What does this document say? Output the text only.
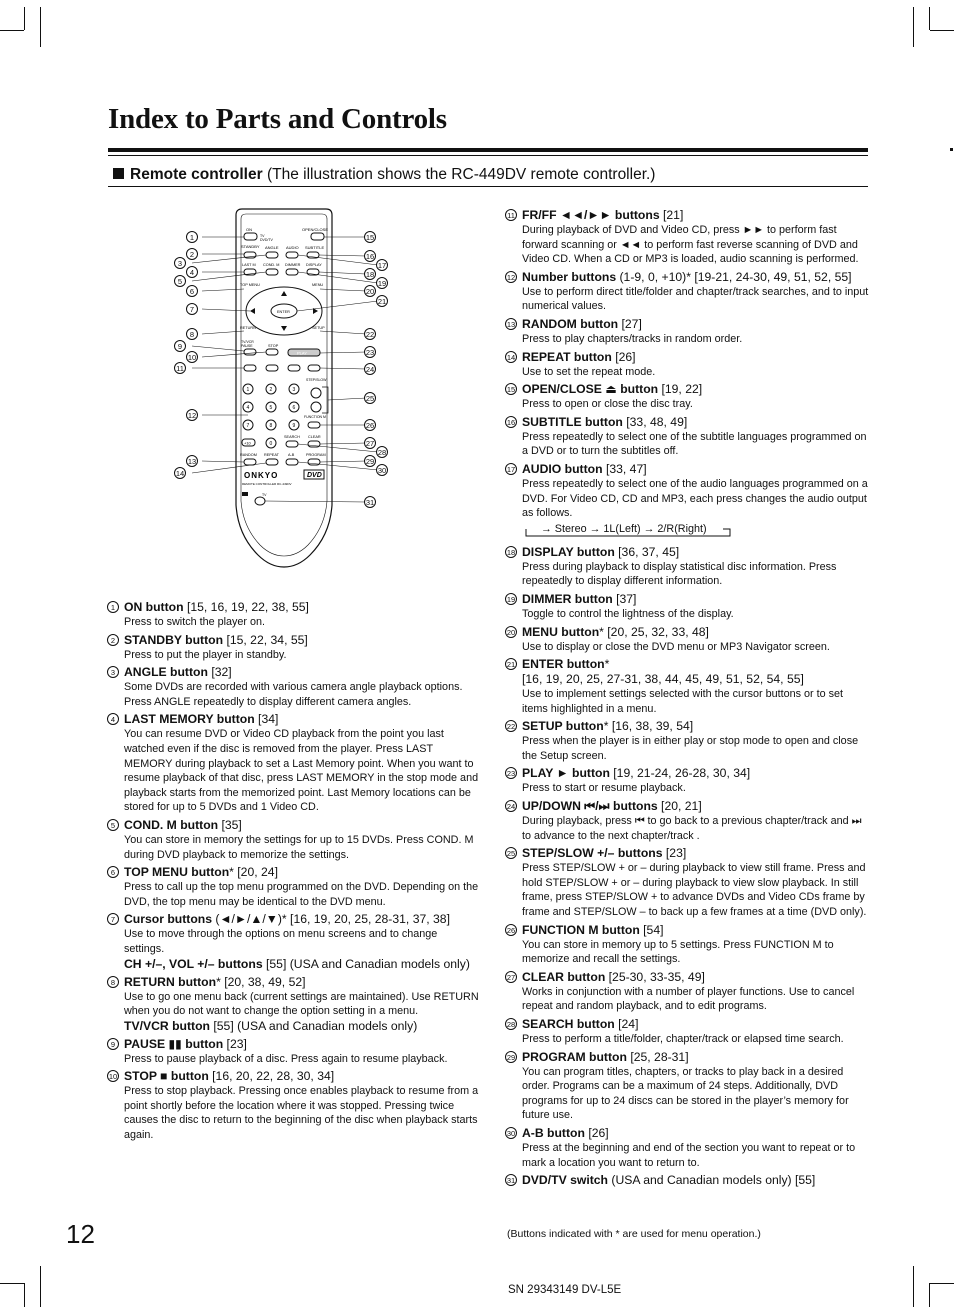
Index to Parts and Controls
Remote controller (The illustration shows the RC-449DV remote controller.)
ON	OPEN/CLOSE
TV
DVD/TV
STANDBY ANGLE AUDIO SUBTITLE
LAST M COND. M DIMMER DISPLAY
TOP MENU	MENU
ENTER
RETURN	SETUP
TV/VCR
PAUSE	STOP
PLAY
STEP/SLOW
1	2	3
4	5	6
7	8	9
+10	0
FUNCTION M
SEARCH CLEAR
RANDOM REPEAT A-B	PROGRAM
ONKYO	DVD
REMOTE CONTROLLER RC-449DV
TV
1
2
3
4
5
6
7
8
9
10
11
12
13
14
15
16
17
18
19
20
21
22
23
24
25
26
27
28
29
30
31
1 ON button [15, 16, 19, 22, 38, 55]
Press to switch the player on.
2 STANDBY button [15, 22, 34, 55]
Press to put the player in standby.
3 ANGLE button [32]
Some DVDs are recorded with various camera angle playback options. Press ANGLE repeatedly to display different camera angles.
4 LAST MEMORY button [34]
You can resume DVD or Video CD playback from the point you last watched even if the disc is removed from the player. Press LAST MEMORY during playback to set a Last Memory point. When you want to resume playback of that disc, press LAST MEMORY in the stop mode and playback starts from the memorized point. Last Memory locations can be stored for up to 5 DVDs and 1 Video CD.
5 COND. M button [35]
You can store in memory the settings for up to 15 DVDs. Press COND. M during DVD playback to memorize the settings.
6 TOP MENU button* [20, 24]
Press to call up the top menu programmed on the DVD. Depending on the DVD, the top menu may be identical to the DVD menu.
7 Cursor buttons (◄/►/▲/▼)* [16, 19, 20, 25, 28-31, 37, 38]
Use to move through the options on menu screens and to change settings.
CH +/–, VOL +/– buttons [55] (USA and Canadian models only)
8 RETURN button* [20, 38, 49, 52]
Use to go one menu back (current settings are maintained). Use RETURN when you do not want to change the option setting in a menu.
TV/VCR button [55] (USA and Canadian models only)
9 PAUSE ▮▮ button [23]
Press to pause playback of a disc. Press again to resume playback.
10 STOP ■ button [16, 20, 22, 28, 30, 34]
Press to stop playback. Pressing once enables playback to resume from a point shortly before the location where it was stopped. Pressing twice causes the disc to return to the beginning of the disc when playback starts again.
11 FR/FF ◄◄/►► buttons [21]
During playback of DVD and Video CD, press ►► to perform fast forward scanning or ◄◄ to perform fast reverse scanning of DVD and Video CD. When a CD or MP3 is loaded, audio scanning is performed.
12 Number buttons (1-9, 0, +10)* [19-21, 24-30, 49, 51, 52, 55]
Use to perform direct title/folder and chapter/track searches, and to input numerical values.
13 RANDOM button [27]
Press to play chapters/tracks in random order.
14 REPEAT button [26]
Use to set the repeat mode.
15 OPEN/CLOSE ⏏ button [19, 22]
Press to open or close the disc tray.
16 SUBTITLE button [33, 48, 49]
Press repeatedly to select one of the subtitle languages programmed on a DVD or to turn the subtitles off.
17 AUDIO button [33, 47]
Press repeatedly to select one of the audio languages programmed on a DVD. For Video CD, CD and MP3, each press changes the audio output as follows.
→ Stereo → 1L(Left) → 2/R(Right)
18 DISPLAY button [36, 37, 45]
Press during playback to display statistical disc information. Press repeatedly to display different information.
19 DIMMER button [37]
Toggle to control the lightness of the display.
20 MENU button* [20, 25, 32, 33, 48]
Use to display or close the DVD menu or MP3 Navigator screen.
21 ENTER button*
[16, 19, 20, 25, 27-31, 38, 44, 45, 49, 51, 52, 54, 55]
Use to implement settings selected with the cursor buttons or to set items highlighted in a menu.
22 SETUP button* [16, 38, 39, 54]
Press when the player is in either play or stop mode to open and close the Setup screen.
23 PLAY ► button [19, 21-24, 26-28, 30, 34]
Press to start or resume playback.
24 UP/DOWN ⏮/⏭ buttons [20, 21]
During playback, press ⏮ to go back to a previous chapter/track and ⏭ to advance to the next chapter/track .
25 STEP/SLOW +/– buttons [23]
Press STEP/SLOW + or – during playback to view still frame. Press and hold STEP/SLOW + or – during playback to view slow playback. In still frame, press STEP/SLOW + to advance DVDs and Video CDs frame by frame and STEP/SLOW – to back up a few frames at a time (DVD only).
26 FUNCTION M button [54]
You can store in memory up to 5 settings. Press FUNCTION M to memorize and recall the settings.
27 CLEAR button [25-30, 33-35, 49]
Works in conjunction with a number of player functions. Use to cancel repeat and random playback, and to edit programs.
28 SEARCH button [24]
Press to perform a title/folder, chapter/track or elapsed time search.
29 PROGRAM button [25, 28-31]
You can program titles, chapters, or tracks to play back in a desired order. Programs can be a maximum of 24 steps. Additionally, DVD programs for up to 24 discs can be stored in the player’s memory for future use.
30 A-B button [26]
Press at the beginning and end of the section you want to repeat or to mark a location you want to return to.
31 DVD/TV switch (USA and Canadian models only) [55]
12	(Buttons indicated with * are used for menu operation.)
SN 29343149 DV-L5E
